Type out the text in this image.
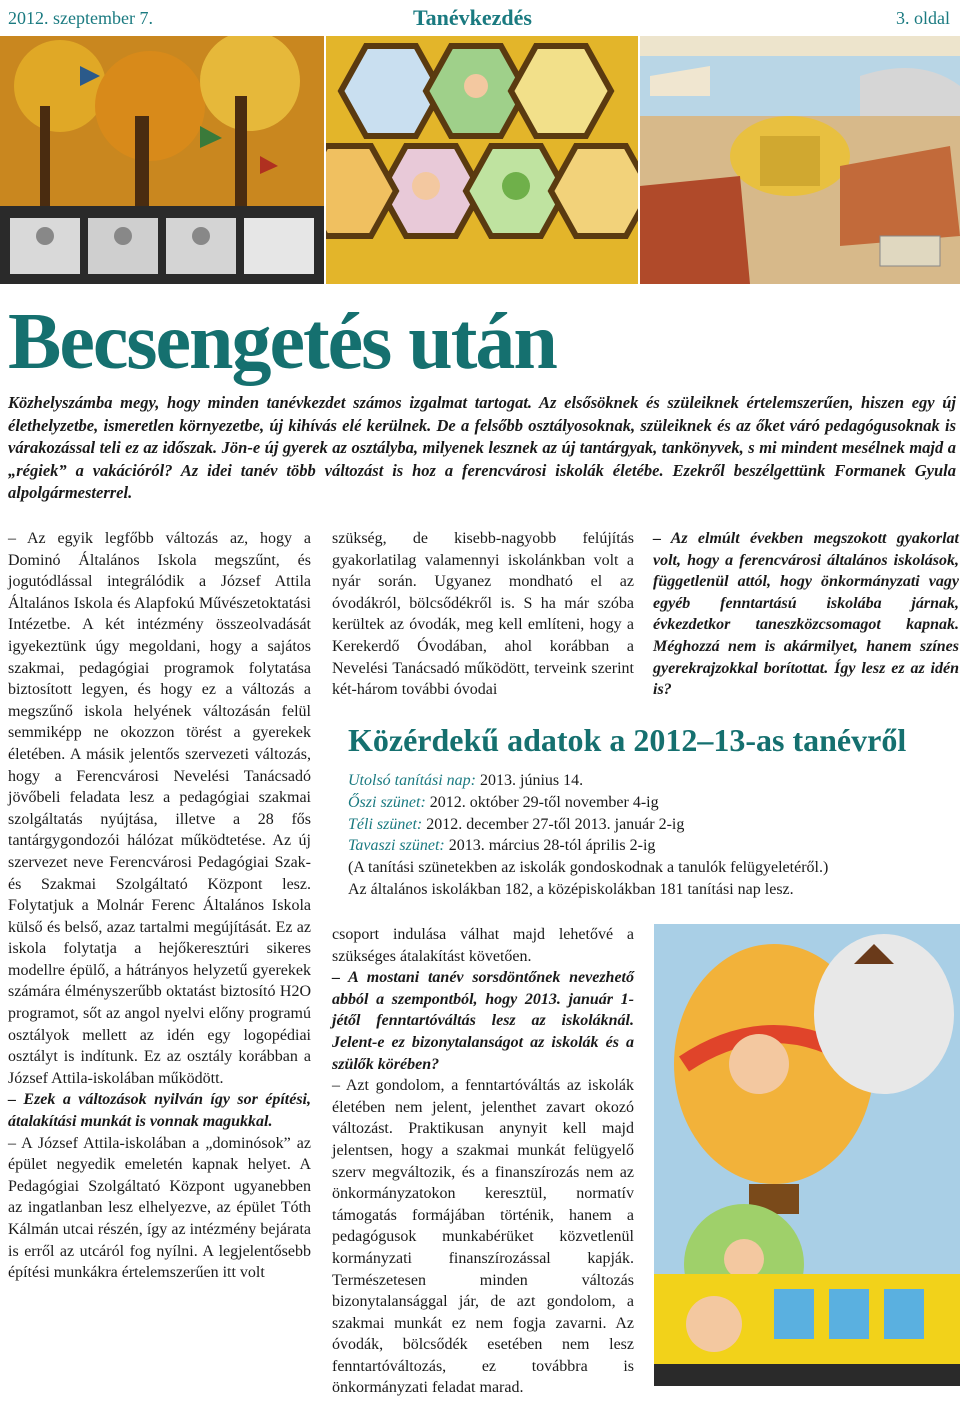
2012. szeptember 7.	Tanévkezdés	3. oldal
Becsengetés után

Közhelyszámba megy, hogy minden tanévkezdet számos izgalmat tartogat. Az elsősöknek és szüleiknek értelemszerűen, hiszen egy új élethelyzetbe, ismeretlen környezetbe, új kihívás elé kerülnek. De a felsőbb osztályosoknak, szüleiknek és az őket váró pedagógusoknak is várakozással teli ez az időszak. Jön-e új gyerek az osztályba, milyenek lesznek az új tantárgyak, tankönyvek, s mi mindent mesélnek majd a „régiek” a vakációról? Az idei tanév több változást is hoz a ferencvárosi iskolák életébe. Ezekről beszélgettünk Formanek Gyula alpolgármesterrel.

– Az egyik legfőbb változás az, hogy a Dominó Általános Iskola megszűnt, és jogutódlással integrálódik a József Attila Általános Iskola és Alapfokú Művészetoktatási Intézetbe. A két intézmény összeolvadását igyekeztünk úgy megoldani, hogy a sajátos szakmai, pedagógiai programok folytatása biztosított legyen, és hogy ez a változás a megszűnő iskola helyének változásán felül semmiképp ne okozzon törést a gyerekek életében. A másik jelentős szervezeti változás, hogy a Ferencvárosi Nevelési Tanácsadó jövőbeli feladata lesz a pedagógiai szakmai szolgáltatás nyújtása, illetve a 28 fős tantárgygondozói hálózat működtetése. Az új szervezet neve Ferencvárosi Pedagógiai Szak- és Szakmai Szolgáltató Központ lesz. Folytatjuk a Molnár Ferenc Általános Iskola külső és belső, azaz tartalmi megújítását. Ez az iskola folytatja a hejőkeresztúri sikeres modellre épülő, a hátrányos helyzetű gyerekek számára élményszerűbb oktatást biztosító H2O programot, sőt az angol nyelvi előny programú osztályok mellett az idén egy logopédiai osztályt is indítunk. Ez az osztály korábban a József Attila-iskolában működött.

– Ezek a változások nyilván így sor építési, átalakítási munkát is vonnak magukkal.

– A József Attila-iskolában a „dominósok” az épület negyedik emeletén kapnak helyet. A Pedagógiai Szolgáltató Központ ugyanebben az ingatlanban lesz elhelyezve, az épület Tóth Kálmán utcai részén, így az intézmény bejárata is erről az utcáról fog nyílni. A legjelentősebb építési munkákra értelemszerűen itt volt

szükség, de kisebb-nagyobb felújítás gyakorlatilag valamennyi iskolánkban volt a nyár során. Ugyanez mondható el az óvodákról, bölcsődékről is. S ha már szóba kerültek az óvodák, meg kell említeni, hogy a Kerekerdő Óvodában, ahol korábban a Nevelési Tanácsadó működött, terveink szerint két-három további óvodai

– Az elmúlt években megszokott gyakorlat volt, hogy a ferencvárosi általános iskolások, függetlenül attól, hogy önkormányzati vagy egyéb fenntartású iskolába járnak, évkezdetkor taneszközcsomagot kapnak. Méghozzá nem is akármilyet, hanem színes gyerekrajzokkal borítottat. Így lesz ez az idén is?

Közérdekű adatok a 2012–13-as tanévről
Utolsó tanítási nap: 2013. június 14.
Őszi szünet: 2012. október 29-től november 4-ig
Téli szünet: 2012. december 27-től 2013. január 2-ig
Tavaszi szünet: 2013. március 28-tól április 2-ig
(A tanítási szünetekben az iskolák gondoskodnak a tanulók felügyeletéről.)
Az általános iskolákban 182, a középiskolákban 181 tanítási nap lesz.

csoport indulása válhat majd lehetővé a szükséges átalakítást követően.

– A mostani tanév sorsdöntőnek nevezhető abból a szempontból, hogy 2013. január 1-jétől fenntartóváltás lesz az iskoláknál. Jelent-e ez bizonytalanságot az iskolák és a szülők körében?

– Azt gondolom, a fenntartóváltás az iskolák életében nem jelent, jelenthet zavart okozó változást. Praktikusan anynyit kell majd jelentsen, hogy a szakmai munkát felügyelő szerv megváltozik, és a finanszírozás nem az önkormányzatokon keresztül, normatív támogatás formájában történik, hanem a pedagógusok munkabérüket közvetlenül kormányzati finanszírozással kapják. Természetesen minden változás bizonytalansággal jár, de azt gondolom, a szakmai munkát ez nem fogja zavarni. Az óvodák, bölcsődék esetében nem lesz fenntartóváltozás, ez továbbra is önkormányzati feladat marad.
